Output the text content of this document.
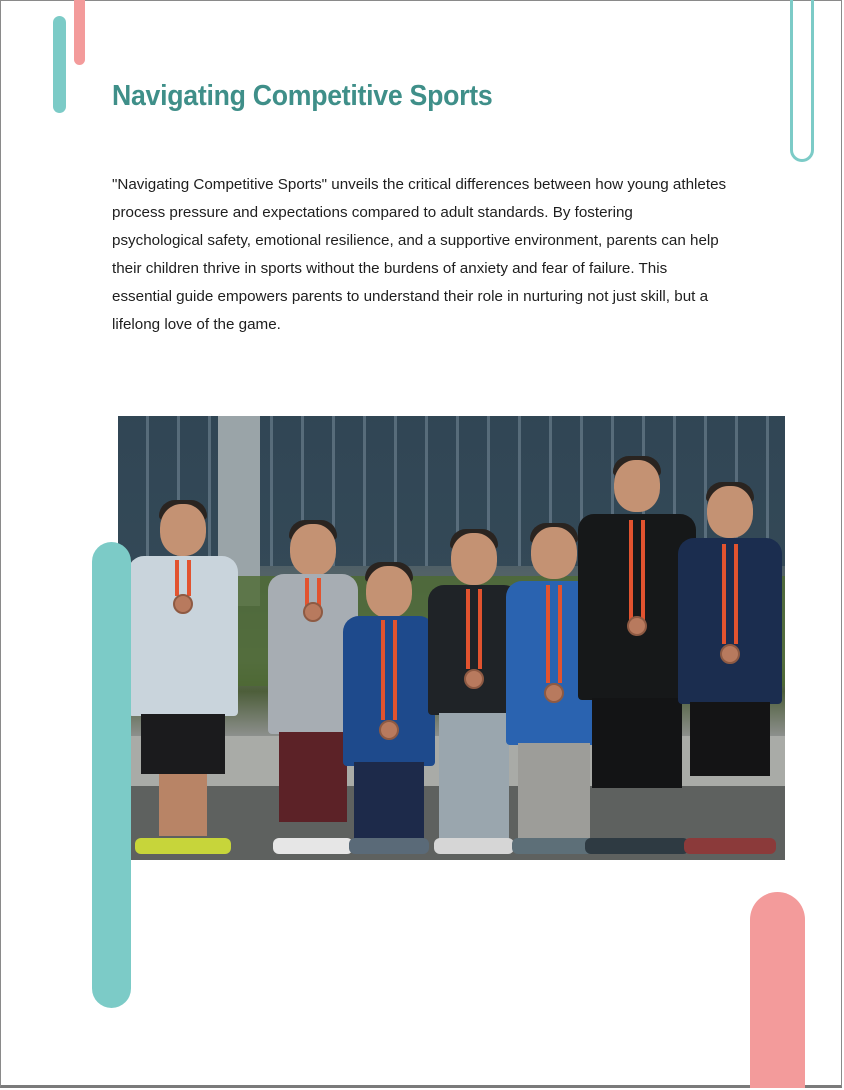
Navigating Competitive Sports

"Navigating Competitive Sports" unveils the critical differences between how young athletes process pressure and expectations compared to adult standards. By fostering psychological safety, emotional resilience, and a supportive environment, parents can help their children thrive in sports without the burdens of anxiety and fear of failure. This essential guide empowers parents to understand their role in nurturing not just skill, but a lifelong love of the game.
